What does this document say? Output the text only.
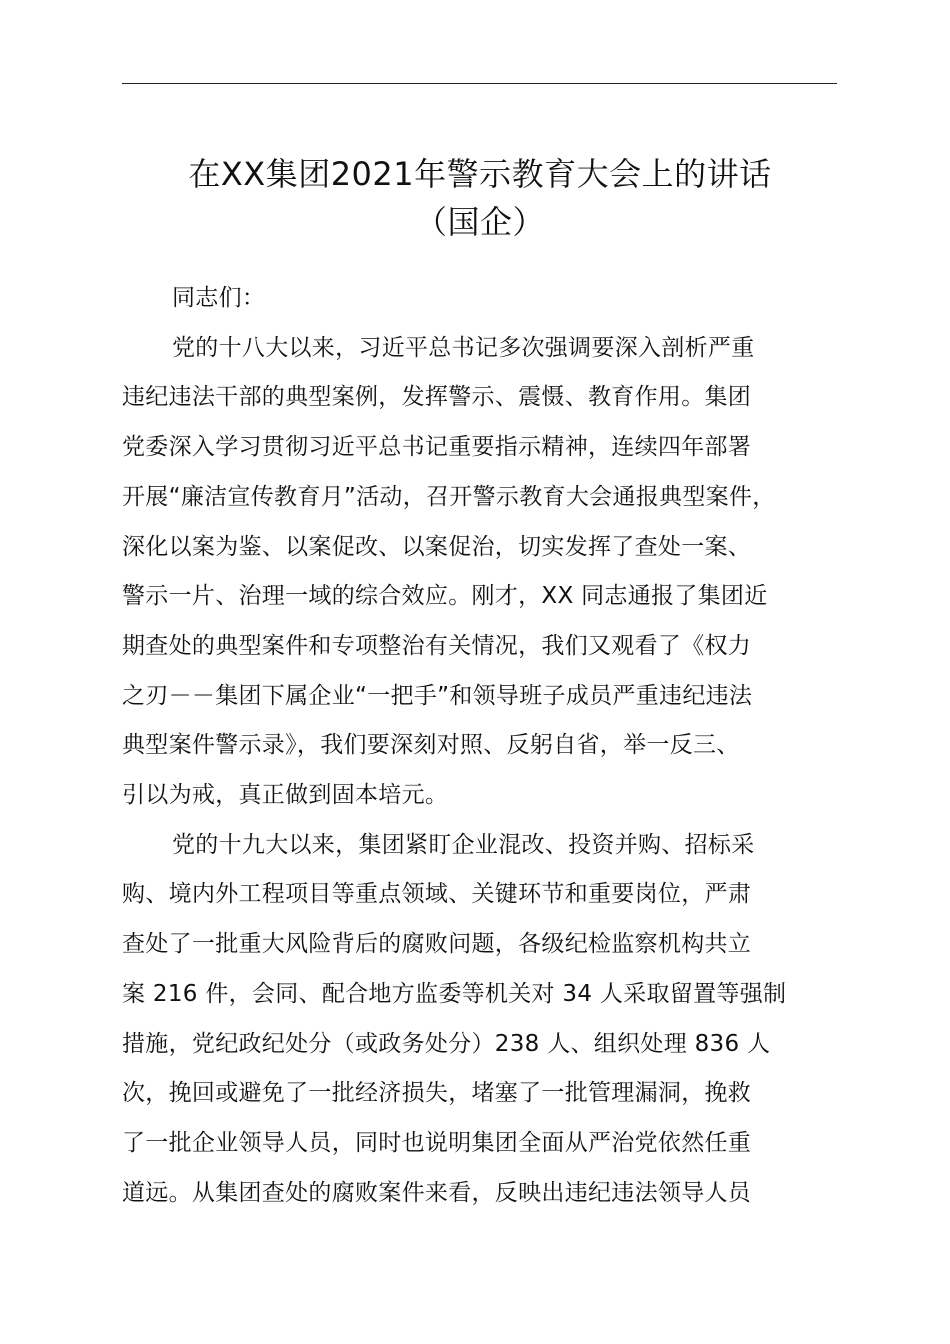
在XX集团2021年警示教育大会上的讲话
（国企）
同志们：
党的十八大以来，习近平总书记多次强调要深入剖析严重
违纪违法干部的典型案例，发挥警示、震慑、教育作用。集团
党委深入学习贯彻习近平总书记重要指示精神，连续四年部署
开展“廉洁宣传教育月”活动，召开警示教育大会通报典型案件，
深化以案为鉴、以案促改、以案促治，切实发挥了查处一案、
警示一片、治理一域的综合效应。刚才，XX 同志通报了集团近
期查处的典型案件和专项整治有关情况，我们又观看了《权力
之刃－－集团下属企业“一把手”和领导班子成员严重违纪违法
典型案件警示录》，我们要深刻对照、反躬自省，举一反三、
引以为戒，真正做到固本培元。
党的十九大以来，集团紧盯企业混改、投资并购、招标采
购、境内外工程项目等重点领域、关键环节和重要岗位，严肃
查处了一批重大风险背后的腐败问题，各级纪检监察机构共立
案 216 件，会同、配合地方监委等机关对 34 人采取留置等强制
措施，党纪政纪处分（或政务处分）238 人、组织处理 836 人
次，挽回或避免了一批经济损失，堵塞了一批管理漏洞，挽救
了一批企业领导人员，同时也说明集团全面从严治党依然任重
道远。从集团查处的腐败案件来看，反映出违纪违法领导人员
